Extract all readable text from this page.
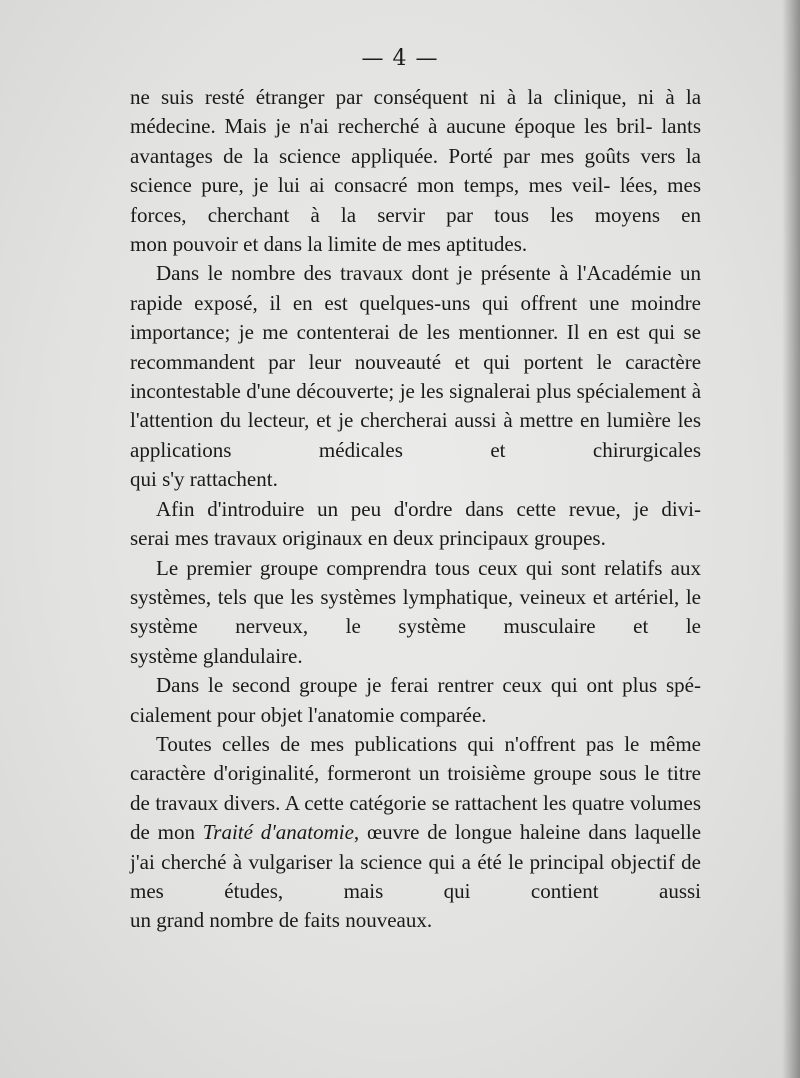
— 4 —

ne suis resté étranger par conséquent ni à la clinique, ni à la médecine. Mais je n'ai recherché à aucune époque les bril- lants avantages de la science appliquée. Porté par mes goûts vers la science pure, je lui ai consacré mon temps, mes veil- lées, mes forces, cherchant à la servir par tous les moyens en

mon pouvoir et dans la limite de mes aptitudes.

Dans le nombre des travaux dont je présente à l'Académie un rapide exposé, il en est quelques-uns qui offrent une moindre importance; je me contenterai de les mentionner. Il en est qui se recommandent par leur nouveauté et qui portent le caractère incontestable d'une découverte; je les signalerai plus spécialement à l'attention du lecteur, et je chercherai aussi à mettre en lumière les applications médicales et chirurgicales

qui s'y rattachent.

Afin d'introduire un peu d'ordre dans cette revue, je divi-

serai mes travaux originaux en deux principaux groupes.

Le premier groupe comprendra tous ceux qui sont relatifs aux systèmes, tels que les systèmes lymphatique, veineux et artériel, le système nerveux, le système musculaire et le

système glandulaire.

Dans le second groupe je ferai rentrer ceux qui ont plus spé-

cialement pour objet l'anatomie comparée.

Toutes celles de mes publications qui n'offrent pas le même caractère d'originalité, formeront un troisième groupe sous le titre de travaux divers. A cette catégorie se rattachent les quatre volumes de mon Traité d'anatomie, œuvre de longue haleine dans laquelle j'ai cherché à vulgariser la science qui a été le principal objectif de mes études, mais qui contient aussi

un grand nombre de faits nouveaux.
